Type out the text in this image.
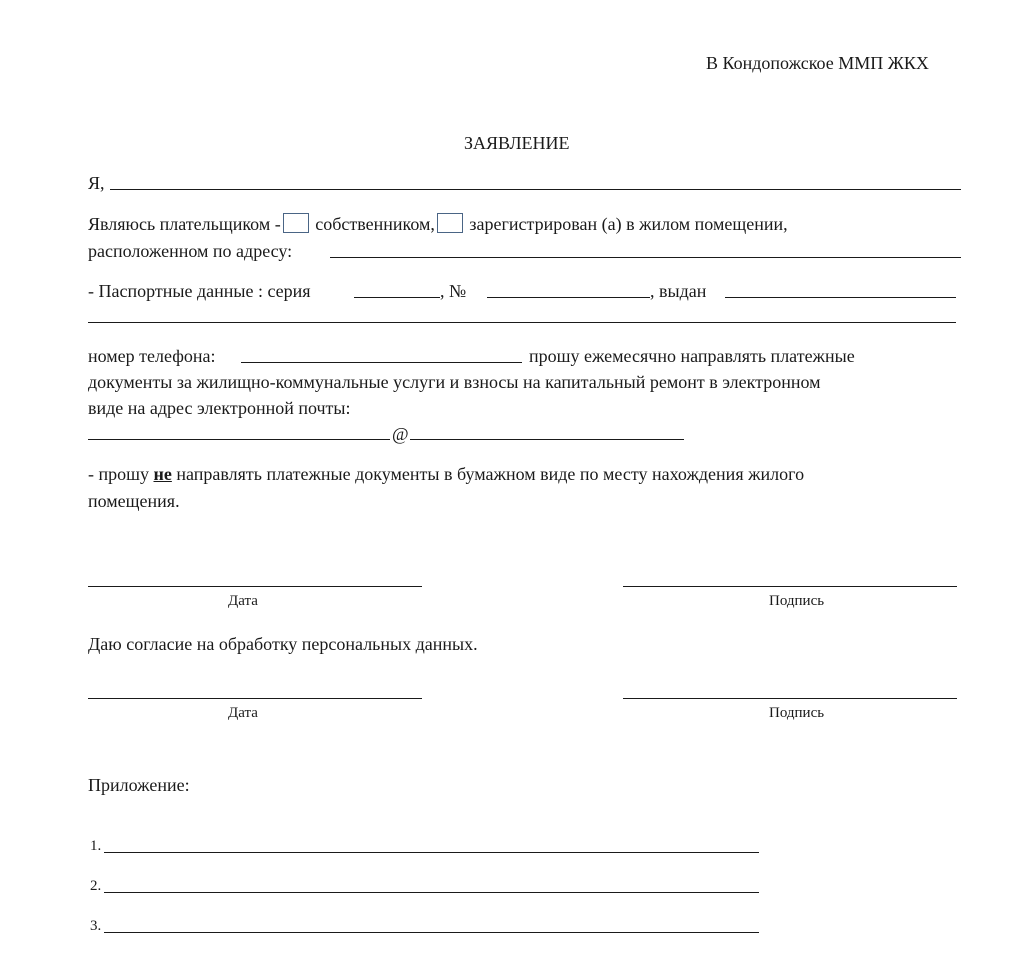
В Кондопожское ММП ЖКХ
ЗАЯВЛЕНИЕ
Я,
Являюсь плательщиком - собственником, зарегистрирован (а) в жилом помещении,
расположенном по адресу:
- Паспортные данные : серия	, №	, выдан
номер телефона:	прошу ежемесячно направлять платежные
документы за жилищно-коммунальные услуги и взносы на капитальный ремонт в электронном
виде на адрес электронной почты:
@
- прошу не направлять платежные документы в бумажном виде по месту нахождения жилого
помещения.
Дата	Подпись
Даю согласие на обработку персональных данных.
Дата	Подпись
Приложение:
1.
2.
3.
